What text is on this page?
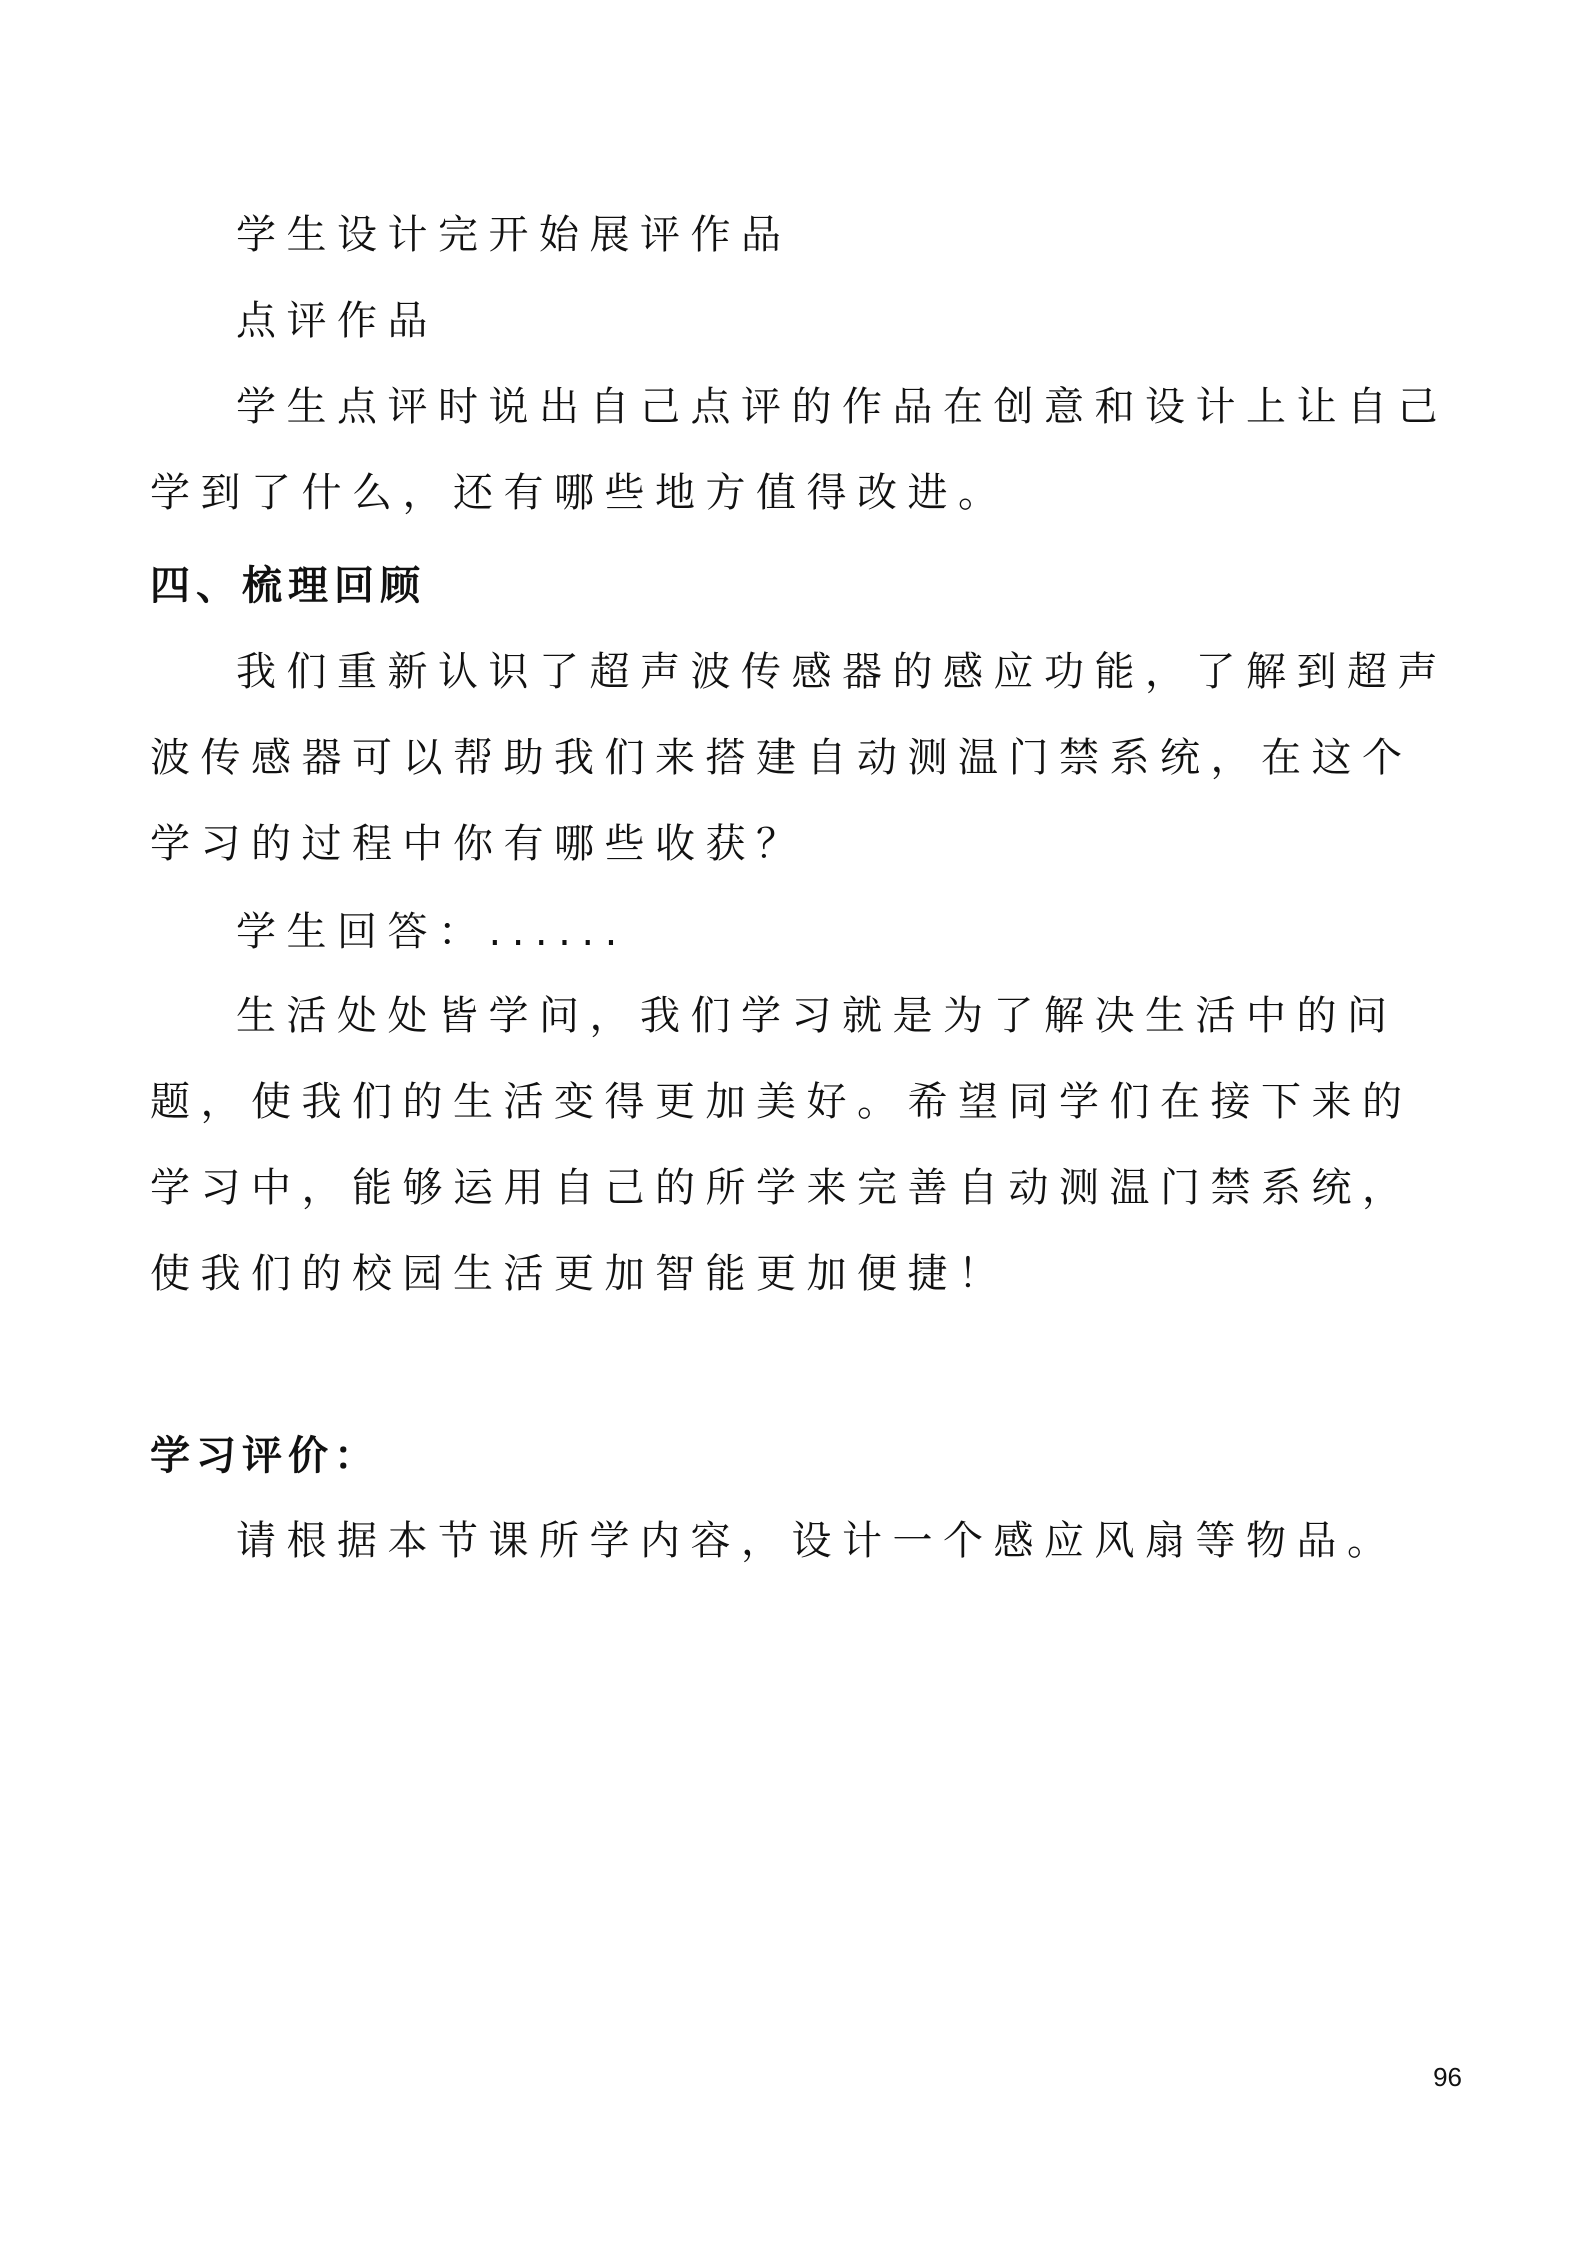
学生设计完开始展评作品
点评作品
学生点评时说出自己点评的作品在创意和设计上让自己学到了什么，还有哪些地方值得改进。
四、梳理回顾
我们重新认识了超声波传感器的感应功能，了解到超声波传感器可以帮助我们来搭建自动测温门禁系统，在这个学习的过程中你有哪些收获？
学生回答：......
生活处处皆学问，我们学习就是为了解决生活中的问题，使我们的生活变得更加美好。希望同学们在接下来的学习中，能够运用自己的所学来完善自动测温门禁系统，使我们的校园生活更加智能更加便捷！
学习评价：
请根据本节课所学内容，设计一个感应风扇等物品。
96
